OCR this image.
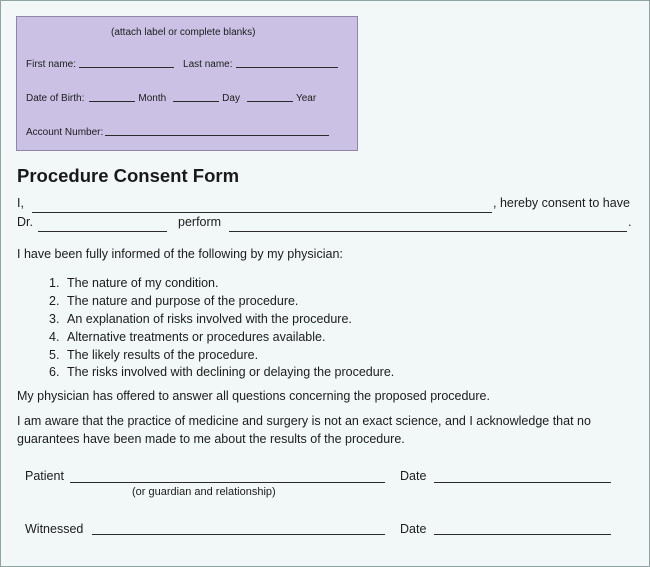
(attach label or complete blanks)
First name:	Last name:
Date of Birth:	Month	Day	Year
Account Number:
Procedure Consent Form
I,	, hereby consent to have
Dr.	perform	.
I have been fully informed of the following by my physician:
1. The nature of my condition.
2. The nature and purpose of the procedure.
3. An explanation of risks involved with the procedure.
4. Alternative treatments or procedures available.
5. The likely results of the procedure.
6. The risks involved with declining or delaying the procedure.
My physician has offered to answer all questions concerning the proposed procedure.
I am aware that the practice of medicine and surgery is not an exact science, and I acknowledge that no
guarantees have been made to me about the results of the procedure.
Patient	Date
(or guardian and relationship)
Witnessed	Date
